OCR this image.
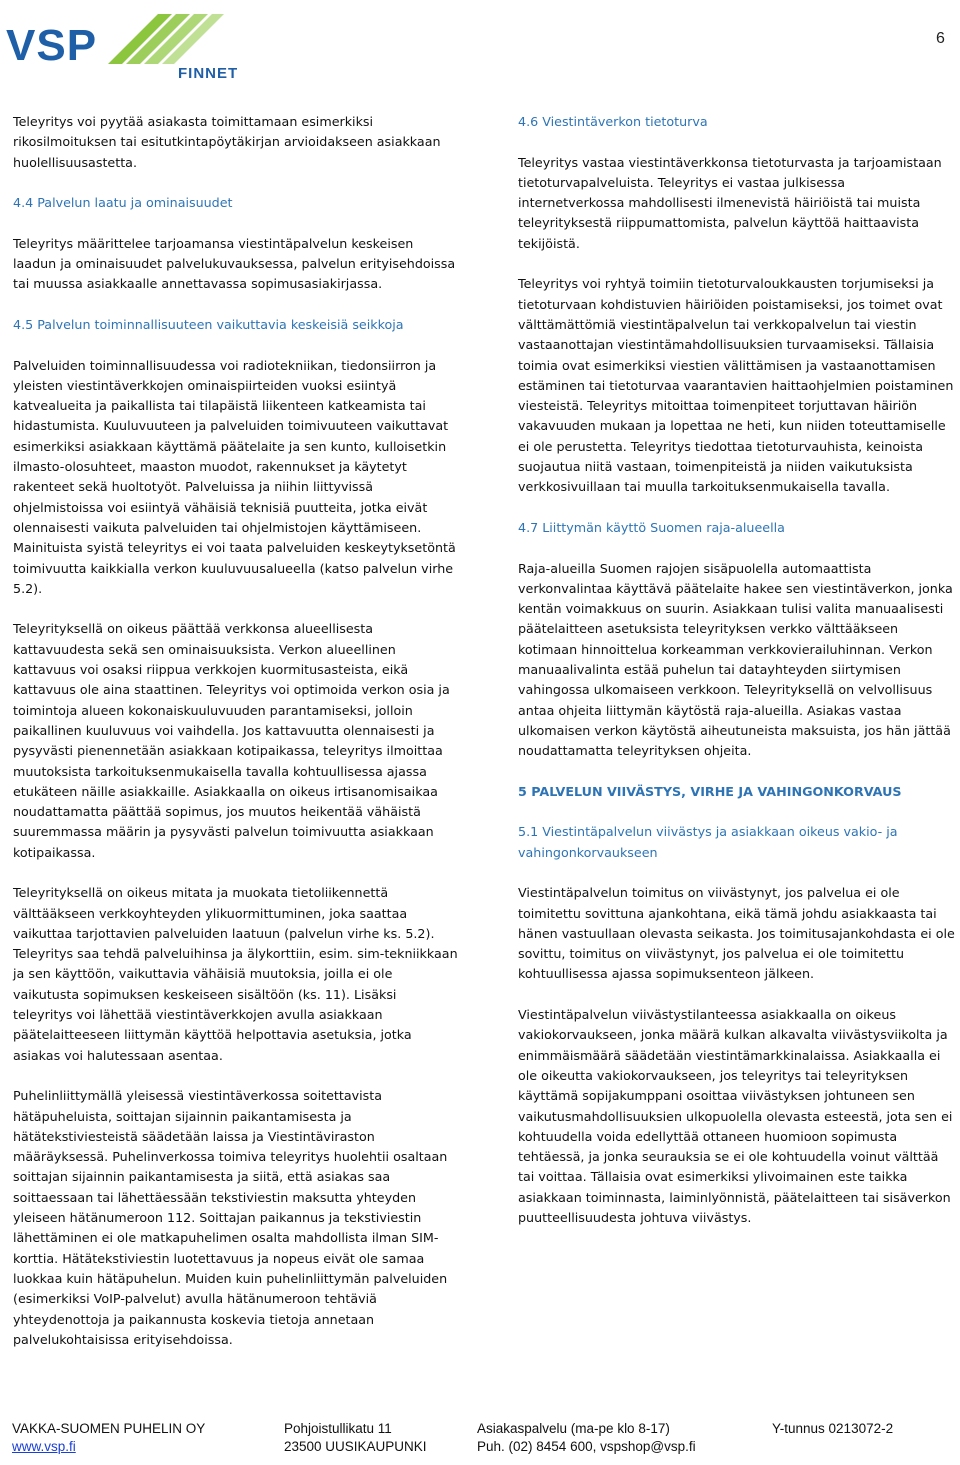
VSP
FINNET
6

Teleyritys voi pyytää asiakasta toimittamaan esimerkiksi rikosilmoituksen tai esitutkintapöytäkirjan arvioidakseen asiakkaan huolellisuusastetta.

4.4 Palvelun laatu ja ominaisuudet

Teleyritys määrittelee tarjoamansa viestintäpalvelun keskeisen laadun ja ominaisuudet palvelukuvauksessa, palvelun erityisehdoissa tai muussa asiakkaalle annettavassa sopimusasiakirjassa.

4.5 Palvelun toiminnallisuuteen vaikuttavia keskeisiä seikkoja

Palveluiden toiminnallisuudessa voi radiotekniikan, tiedonsiirron ja yleisten viestintäverkkojen ominaispiirteiden vuoksi esiintyä katvealueita ja paikallista tai tilapäistä liikenteen katkeamista tai hidastumista. Kuuluvuuteen ja palveluiden toimivuuteen vaikuttavat esimerkiksi asiakkaan käyttämä päätelaite ja sen kunto, kulloisetkin ilmasto-olosuhteet, maaston muodot, rakennukset ja käytetyt rakenteet sekä huoltotyöt. Palveluissa ja niihin liittyvissä ohjelmistoissa voi esiintyä vähäisiä teknisiä puutteita, jotka eivät olennaisesti vaikuta palveluiden tai ohjelmistojen käyttämiseen. Mainituista syistä teleyritys ei voi taata palveluiden keskeytyksetöntä toimivuutta kaikkialla verkon kuuluvuusalueella (katso palvelun virhe 5.2).

Teleyrityksellä on oikeus päättää verkkonsa alueellisesta kattavuudesta sekä sen ominaisuuksista. Verkon alueellinen kattavuus voi osaksi riippua verkkojen kuormitusasteista, eikä kattavuus ole aina staattinen. Teleyritys voi optimoida verkon osia ja toimintoja alueen kokonaiskuuluvuuden parantamiseksi, jolloin paikallinen kuuluvuus voi vaihdella. Jos kattavuutta olennaisesti ja pysyvästi pienennetään asiakkaan kotipaikassa, teleyritys ilmoittaa muutoksista tarkoituksenmukaisella tavalla kohtuullisessa ajassa etukäteen näille asiakkaille. Asiakkaalla on oikeus irtisanomisaikaa noudattamatta päättää sopimus, jos muutos heikentää vähäistä suuremmassa määrin ja pysyvästi palvelun toimivuutta asiakkaan kotipaikassa.

Teleyrityksellä on oikeus mitata ja muokata tietoliikennettä välttääkseen verkkoyhteyden ylikuormittuminen, joka saattaa vaikuttaa tarjottavien palveluiden laatuun (palvelun virhe ks. 5.2). Teleyritys saa tehdä palveluihinsa ja älykorttiin, esim. sim-tekniikkaan ja sen käyttöön, vaikuttavia vähäisiä muutoksia, joilla ei ole vaikutusta sopimuksen keskeiseen sisältöön (ks. 11). Lisäksi teleyritys voi lähettää viestintäverkkojen avulla asiakkaan päätelaitteeseen liittymän käyttöä helpottavia asetuksia, jotka asiakas voi halutessaan asentaa.

Puhelinliittymällä yleisessä viestintäverkossa soitettavista hätäpuheluista, soittajan sijainnin paikantamisesta ja hätätekstiviesteistä säädetään laissa ja Viestintäviraston määräyksessä. Puhelinverkossa toimiva teleyritys huolehtii osaltaan soittajan sijainnin paikantamisesta ja siitä, että asiakas saa soittaessaan tai lähettäessään tekstiviestin maksutta yhteyden yleiseen hätänumeroon 112. Soittajan paikannus ja tekstiviestin lähettäminen ei ole matkapuhelimen osalta mahdollista ilman SIM-korttia. Hätätekstiviestin luotettavuus ja nopeus eivät ole samaa luokkaa kuin hätäpuhelun. Muiden kuin puhelinliittymän palveluiden (esimerkiksi VoIP-palvelut) avulla hätänumeroon tehtäviä yhteydenottoja ja paikannusta koskevia tietoja annetaan palvelukohtaisissa erityisehdoissa.

4.6 Viestintäverkon tietoturva

Teleyritys vastaa viestintäverkkonsa tietoturvasta ja tarjoamistaan tietoturvapalveluista. Teleyritys ei vastaa julkisessa internetverkossa mahdollisesti ilmenevistä häiriöistä tai muista teleyrityksestä riippumattomista, palvelun käyttöä haittaavista tekijöistä.

Teleyritys voi ryhtyä toimiin tietoturvaloukkausten torjumiseksi ja tietoturvaan kohdistuvien häiriöiden poistamiseksi, jos toimet ovat välttämättömiä viestintäpalvelun tai verkkopalvelun tai viestin vastaanottajan viestintämahdollisuuksien turvaamiseksi. Tällaisia toimia ovat esimerkiksi viestien välittämisen ja vastaanottamisen estäminen tai tietoturvaa vaarantavien haittaohjelmien poistaminen viesteistä. Teleyritys mitoittaa toimenpiteet torjuttavan häiriön vakavuuden mukaan ja lopettaa ne heti, kun niiden toteuttamiselle ei ole perustetta. Teleyritys tiedottaa tietoturvauhista, keinoista suojautua niitä vastaan, toimenpiteistä ja niiden vaikutuksista verkkosivuillaan tai muulla tarkoituksenmukaisella tavalla.

4.7 Liittymän käyttö Suomen raja-alueella

Raja-alueilla Suomen rajojen sisäpuolella automaattista verkonvalintaa käyttävä päätelaite hakee sen viestintäverkon, jonka kentän voimakkuus on suurin. Asiakkaan tulisi valita manuaalisesti päätelaitteen asetuksista teleyrityksen verkko välttääkseen kotimaan hinnoittelua korkeamman verkkovierailuhinnan. Verkon manuaalivalinta estää puhelun tai datayhteyden siirtymisen vahingossa ulkomaiseen verkkoon. Teleyrityksellä on velvollisuus antaa ohjeita liittymän käytöstä raja-alueilla. Asiakas vastaa ulkomaisen verkon käytöstä aiheutuneista maksuista, jos hän jättää noudattamatta teleyrityksen ohjeita.

5 PALVELUN VIIVÄSTYS, VIRHE JA VAHINGONKORVAUS
5.1 Viestintäpalvelun viivästys ja asiakkaan oikeus vakio- ja vahingonkorvaukseen

Viestintäpalvelun toimitus on viivästynyt, jos palvelua ei ole toimitettu sovittuna ajankohtana, eikä tämä johdu asiakkaasta tai hänen vastuullaan olevasta seikasta. Jos toimitusajankohdasta ei ole sovittu, toimitus on viivästynyt, jos palvelua ei ole toimitettu kohtuullisessa ajassa sopimuksenteon jälkeen.

Viestintäpalvelun viivästystilanteessa asiakkaalla on oikeus vakiokorvaukseen, jonka määrä kulkan alkavalta viivästysviikolta ja enimmäismäärä säädetään viestintämarkkinalaissa. Asiakkaalla ei ole oikeutta vakiokorvaukseen, jos teleyritys tai teleyrityksen käyttämä sopijakumppani osoittaa viivästyksen johtuneen sen vaikutusmahdollisuuksien ulkopuolella olevasta esteestä, jota sen ei kohtuudella voida edellyttää ottaneen huomioon sopimusta tehtäessä, ja jonka seurauksia se ei ole kohtuudella voinut välttää tai voittaa. Tällaisia ovat esimerkiksi ylivoimainen este taikka asiakkaan toiminnasta, laiminlyönnistä, päätelaitteen tai sisäverkon puutteellisuudesta johtuva viivästys.

VAKKA-SUOMEN PUHELIN OY
www.vsp.fi
Pohjoistullikatu 11
23500 UUSIKAUPUNKI
Asiakaspalvelu (ma-pe klo 8-17)
Puh. (02) 8454 600, vspshop@vsp.fi
Y-tunnus 0213072-2
